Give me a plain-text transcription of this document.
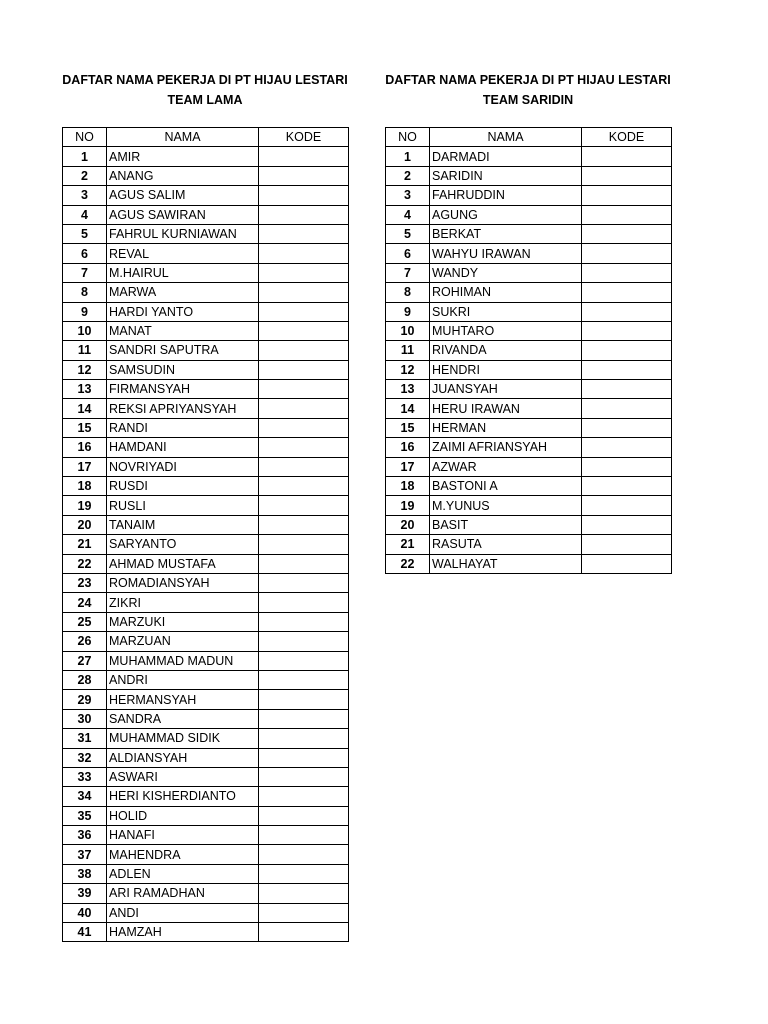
DAFTAR NAMA PEKERJA DI PT HIJAU LESTARI
TEAM LAMA
NO	NAMA	KODE
1	AMIR	
2	ANANG	
3	AGUS SALIM	
4	AGUS SAWIRAN	
5	FAHRUL KURNIAWAN	
6	REVAL	
7	M.HAIRUL	
8	MARWA	
9	HARDI YANTO	
10	MANAT	
11	SANDRI SAPUTRA	
12	SAMSUDIN	
13	FIRMANSYAH	
14	REKSI APRIYANSYAH	
15	RANDI	
16	HAMDANI	
17	NOVRIYADI	
18	RUSDI	
19	RUSLI	
20	TANAIM	
21	SARYANTO	
22	AHMAD MUSTAFA	
23	ROMADIANSYAH	
24	ZIKRI	
25	MARZUKI	
26	MARZUAN	
27	MUHAMMAD MADUN	
28	ANDRI	
29	HERMANSYAH	
30	SANDRA	
31	MUHAMMAD SIDIK	
32	ALDIANSYAH	
33	ASWARI	
34	HERI KISHERDIANTO	
35	HOLID	
36	HANAFI	
37	MAHENDRA	
38	ADLEN	
39	ARI RAMADHAN	
40	ANDI	
41	HAMZAH	
DAFTAR NAMA PEKERJA DI PT HIJAU LESTARI
TEAM SARIDIN
NO	NAMA	KODE
1	DARMADI	
2	SARIDIN	
3	FAHRUDDIN	
4	AGUNG	
5	BERKAT	
6	WAHYU IRAWAN	
7	WANDY	
8	ROHIMAN	
9	SUKRI	
10	MUHTARO	
11	RIVANDA	
12	HENDRI	
13	JUANSYAH	
14	HERU IRAWAN	
15	HERMAN	
16	ZAIMI AFRIANSYAH	
17	AZWAR	
18	BASTONI A	
19	M.YUNUS	
20	BASIT	
21	RASUTA	
22	WALHAYAT	
